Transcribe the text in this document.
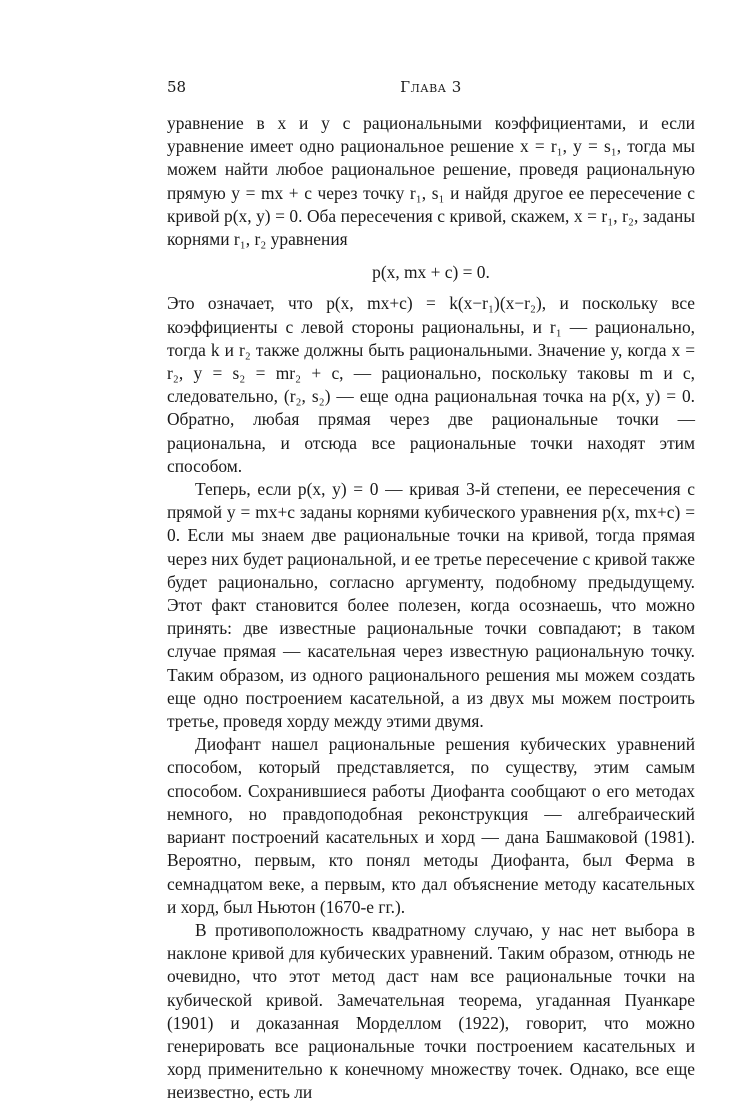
58	Глава 3

уравнение в x и y с рациональными коэффициентами, и если уравнение имеет одно рациональное решение x = r₁, y = s₁, тогда мы можем найти любое рациональное решение, проведя рациональную прямую y = mx + c через точку r₁, s₁ и найдя другое ее пересечение с кривой p(x, y) = 0. Оба пересечения с кривой, скажем, x = r₁, r₂, заданы корнями r₁, r₂ уравнения

p(x, mx + c) = 0.

Это означает, что p(x, mx+c) = k(x−r₁)(x−r₂), и поскольку все коэффициенты с левой стороны рациональны, и r₁ — рационально, тогда k и r₂ также должны быть рациональными. Значение y, когда x = r₂, y = s₂ = mr₂ + c, — рационально, поскольку таковы m и c, следовательно, (r₂, s₂) — еще одна рациональная точка на p(x, y) = 0. Обратно, любая прямая через две рациональные точки — рациональна, и отсюда все рациональные точки находят этим способом.

Теперь, если p(x, y) = 0 — кривая 3-й степени, ее пересечения с прямой y = mx+c заданы корнями кубического уравнения p(x, mx+c) = 0. Если мы знаем две рациональные точки на кривой, тогда прямая через них будет рациональной, и ее третье пересечение с кривой также будет рационально, согласно аргументу, подобному предыдущему. Этот факт становится более полезен, когда осознаешь, что можно принять: две известные рациональные точки совпадают; в таком случае прямая — касательная через известную рациональную точку. Таким образом, из одного рационального решения мы можем создать еще одно построением касательной, а из двух мы можем построить третье, проведя хорду между этими двумя.

Диофант нашел рациональные решения кубических уравнений способом, который представляется, по существу, этим самым способом. Сохранившиеся работы Диофанта сообщают о его методах немного, но правдоподобная реконструкция — алгебраический вариант построений касательных и хорд — дана Башмаковой (1981). Вероятно, первым, кто понял методы Диофанта, был Ферма в семнадцатом веке, а первым, кто дал объяснение методу касательных и хорд, был Ньютон (1670-е гг.).

В противоположность квадратному случаю, у нас нет выбора в наклоне кривой для кубических уравнений. Таким образом, отнюдь не очевидно, что этот метод даст нам все рациональные точки на кубической кривой. Замечательная теорема, угаданная Пуанкаре (1901) и доказанная Морделлом (1922), говорит, что можно генерировать все рациональные точки построением касательных и хорд применительно к конечному множеству точек. Однако, все еще неизвестно, есть ли
